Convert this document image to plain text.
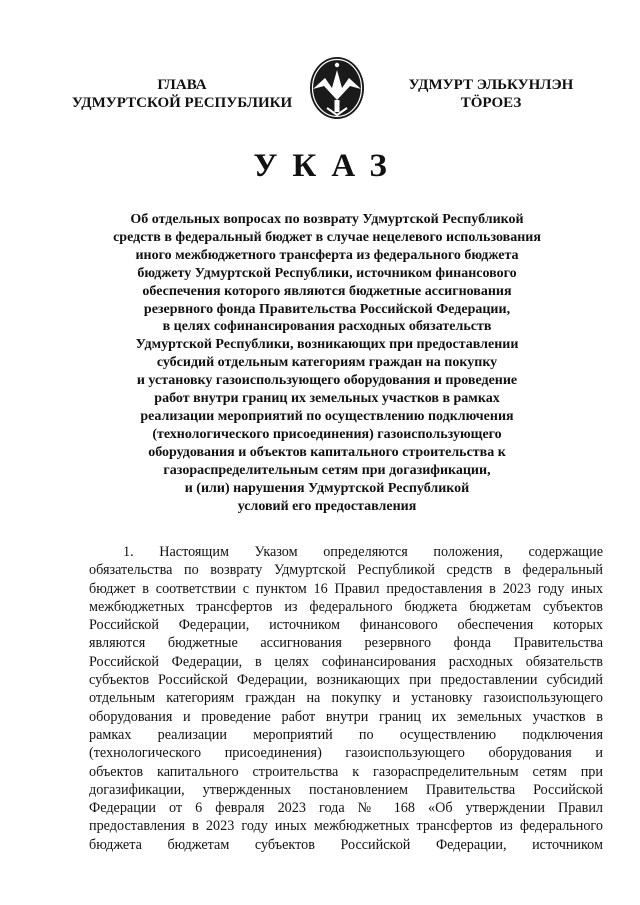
ГЛАВА
УДМУРТСКОЙ РЕСПУБЛИКИ
УДМУРТ ЭЛЬКУНЛЭН
ТӦРОЕЗ
УКАЗ
Об отдельных вопросах по возврату Удмуртской Республикой
средств в федеральный бюджет в случае нецелевого использования
иного межбюджетного трансферта из федерального бюджета
бюджету Удмуртской Республики, источником финансового
обеспечения которого являются бюджетные ассигнования
резервного фонда Правительства Российской Федерации,
в целях софинансирования расходных обязательств
Удмуртской Республики, возникающих при предоставлении
субсидий отдельным категориям граждан на покупку
и установку газоиспользующего оборудования и проведение
работ внутри границ их земельных участков в рамках
реализации мероприятий по осуществлению подключения
(технологического присоединения) газоиспользующего
оборудования и объектов капитального строительства к
газораспределительным сетям при догазификации,
и (или) нарушения Удмуртской Республикой
условий его предоставления
1. Настоящим Указом определяются положения, содержащие
обязательства по возврату Удмуртской Республикой средств в федеральный
бюджет в соответствии с пунктом 16 Правил предоставления в 2023 году иных
межбюджетных трансфертов из федерального бюджета бюджетам субъектов
Российской Федерации, источником финансового обеспечения которых
являются бюджетные ассигнования резервного фонда Правительства
Российской Федерации, в целях софинансирования расходных обязательств
субъектов Российской Федерации, возникающих при предоставлении субсидий
отдельным категориям граждан на покупку и установку газоиспользующего
оборудования и проведение работ внутри границ их земельных участков в
рамках реализации мероприятий по осуществлению подключения
(технологического присоединения) газоиспользующего оборудования и
объектов капитального строительства к газораспределительным сетям при
догазификации, утвержденных постановлением Правительства Российской
Федерации от 6 февраля 2023 года № 168 «Об утверждении Правил
предоставления в 2023 году иных межбюджетных трансфертов из федерального
бюджета бюджетам субъектов Российской Федерации, источником
